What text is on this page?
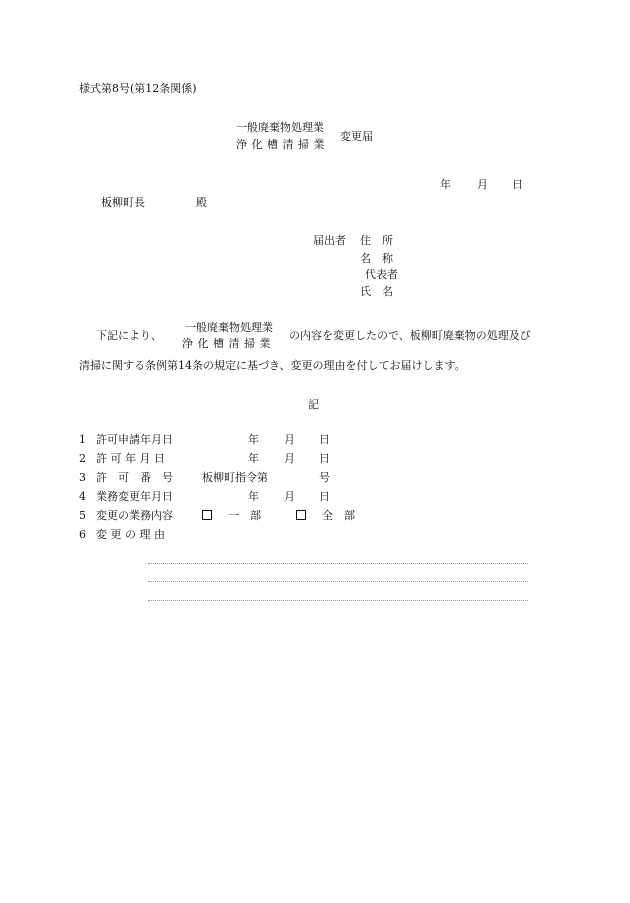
様式第8号(第12条関係)
一般廃棄物処理業
浄 化 槽 清 掃 業
変更届
年 月 日
板柳町長	殿
届出者 住　所
名　称
代表者
氏　名
下記により、
一般廃棄物処理業
浄 化 槽 清 掃 業
の内容を変更したので、板柳町廃棄物の処理及び
清掃に関する条例第14条の規定に基づき、変更の理由を付してお届けします。
記
1 許可申請年月日	年 月 日
2 許 可 年 月 日	年 月 日
3 許　可　番　号	板柳町指令第	号
4 業務変更年月日	年 月 日
5 変更の業務内容	一　部	全　部
6 変 更 の 理 由
